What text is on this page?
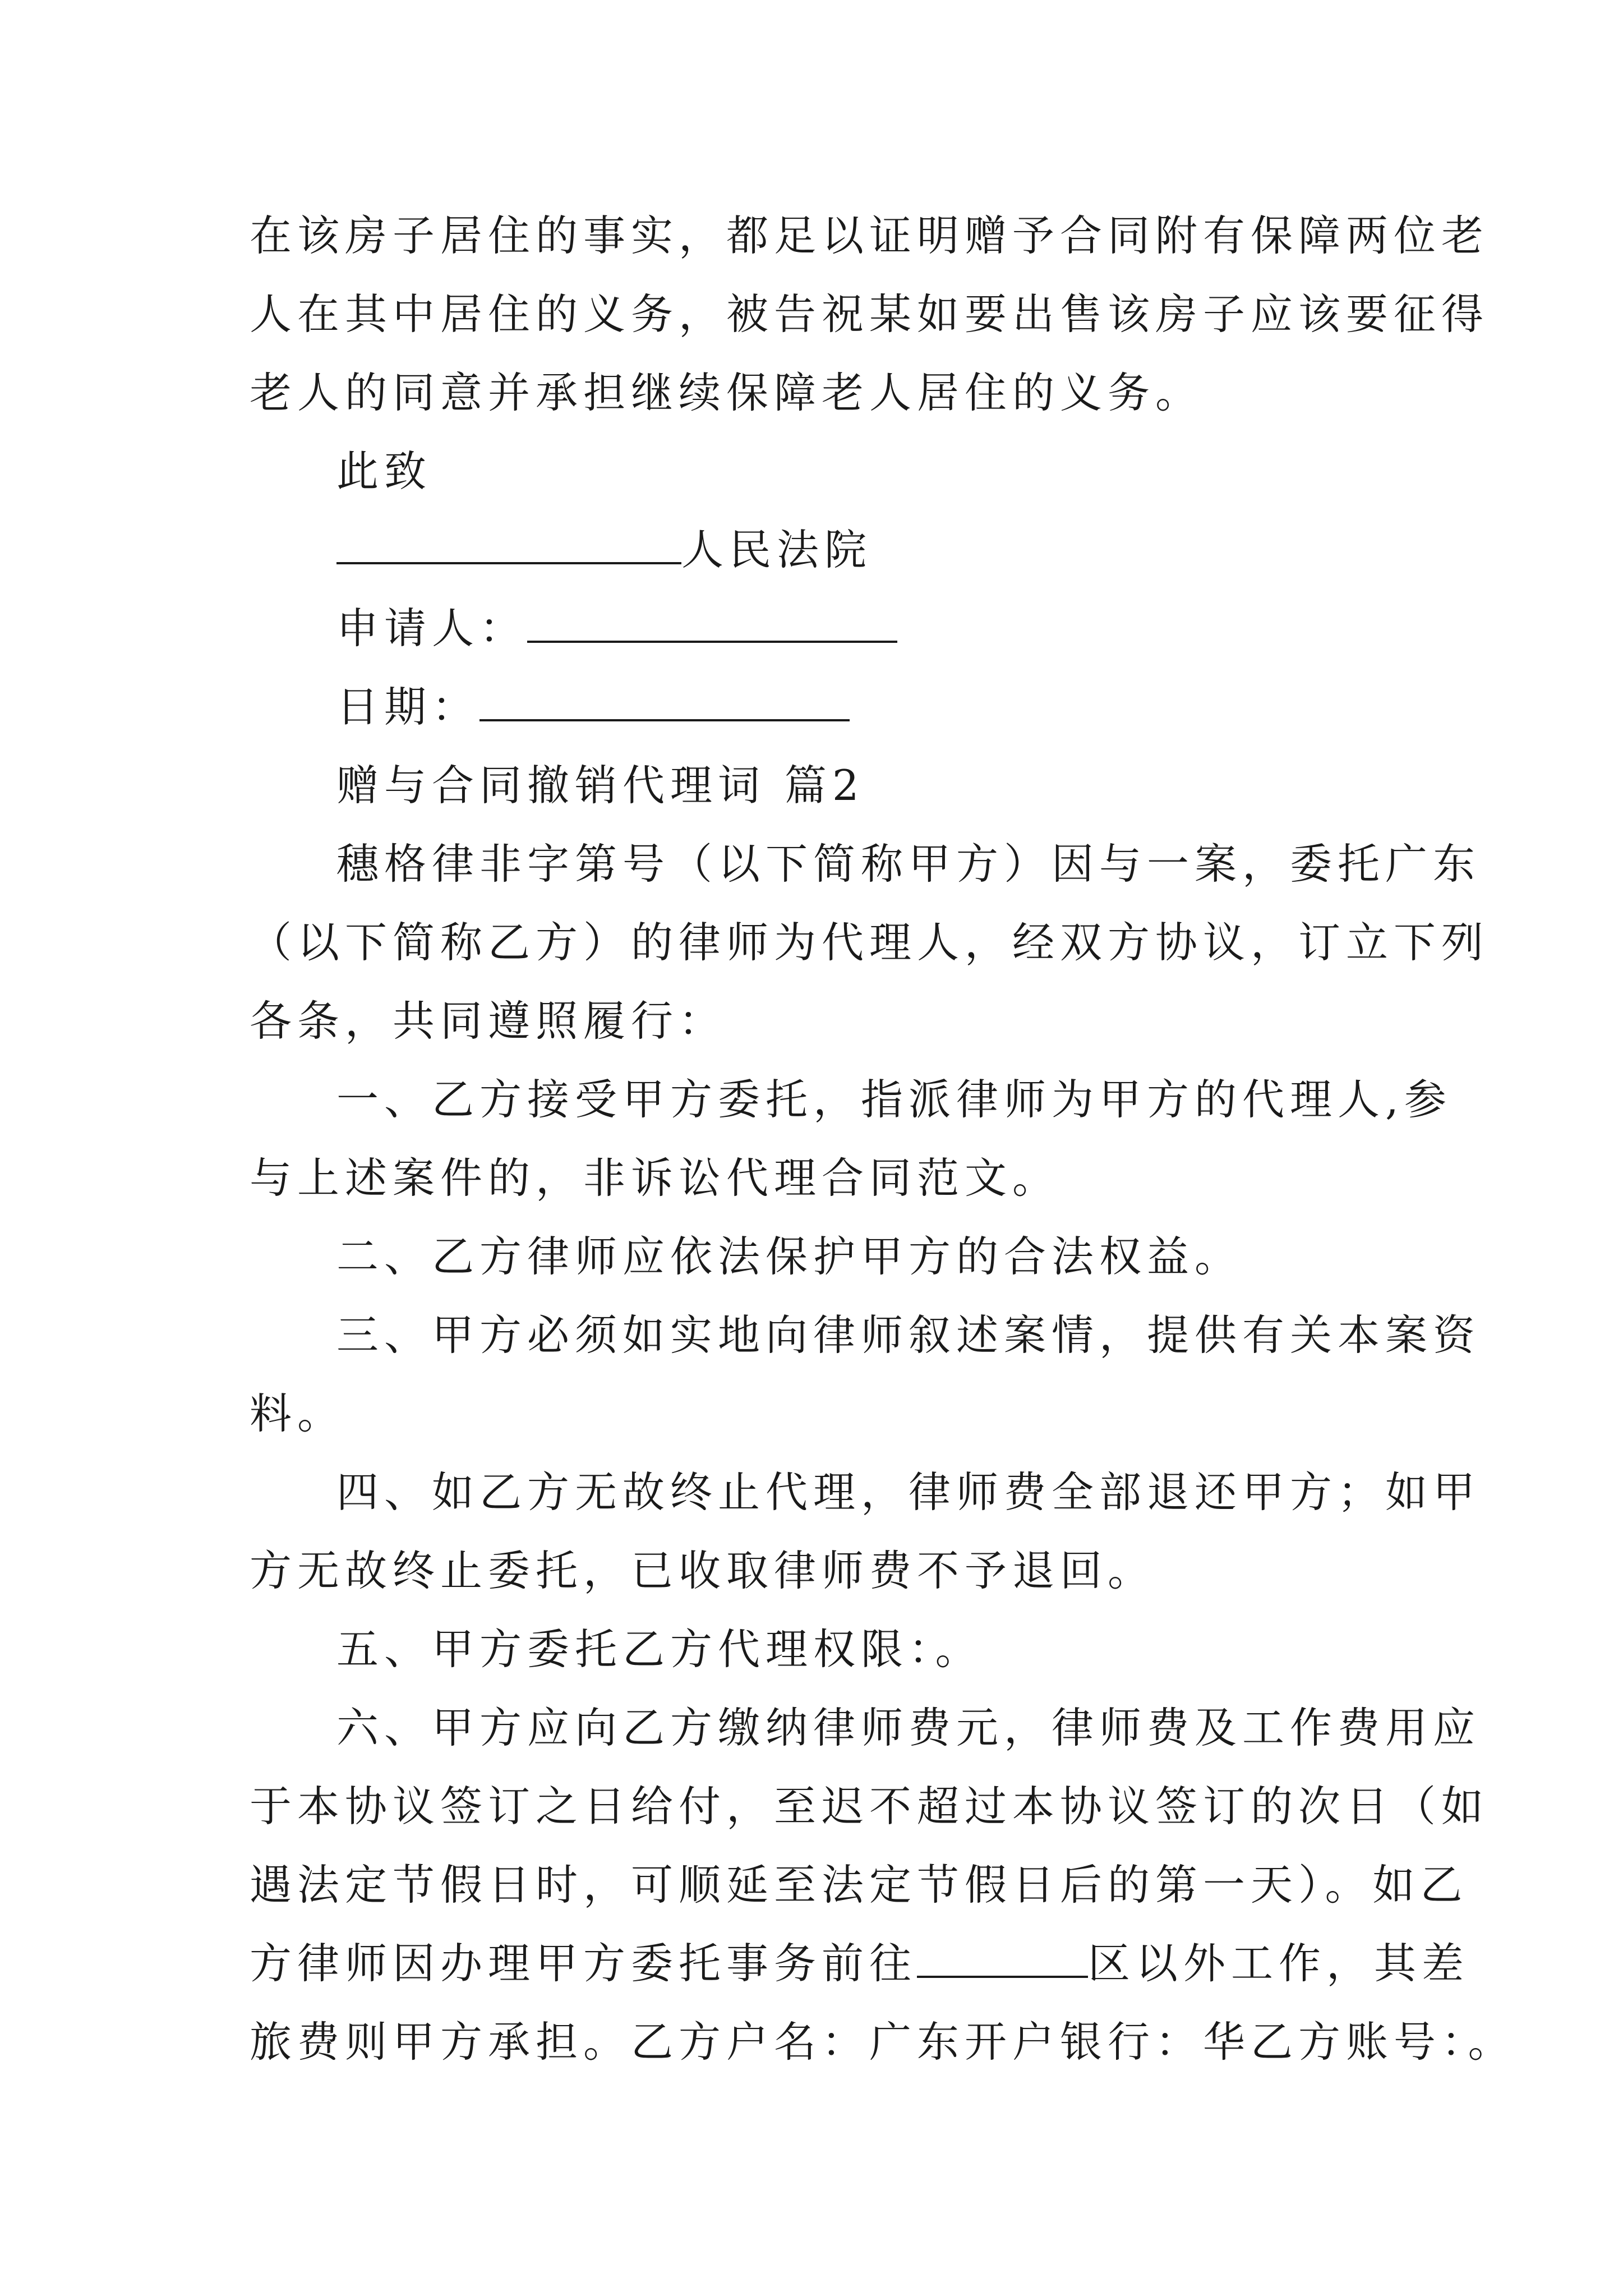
在该房子居住的事实，都足以证明赠予合同附有保障两位老
人在其中居住的义务，被告祝某如要出售该房子应该要征得
老人的同意并承担继续保障老人居住的义务。
此致
人民法院
申请人：
日期：
赠与合同撤销代理词 篇2
穗格律非字第号（以下简称甲方）因与一案，委托广东
（以下简称乙方）的律师为代理人，经双方协议，订立下列
各条，共同遵照履行：
一、乙方接受甲方委托，指派律师为甲方的代理人,参
与上述案件的，非诉讼代理合同范文。
二、乙方律师应依法保护甲方的合法权益。
三、甲方必须如实地向律师叙述案情，提供有关本案资
料。
四、如乙方无故终止代理，律师费全部退还甲方；如甲
方无故终止委托，已收取律师费不予退回。
五、甲方委托乙方代理权限：。
六、甲方应向乙方缴纳律师费元，律师费及工作费用应
于本协议签订之日给付，至迟不超过本协议签订的次日（如
遇法定节假日时，可顺延至法定节假日后的第一天）。如乙
方律师因办理甲方委托事务前往	区以外工作，其差
旅费则甲方承担。乙方户名：广东开户银行：华乙方账号：。
